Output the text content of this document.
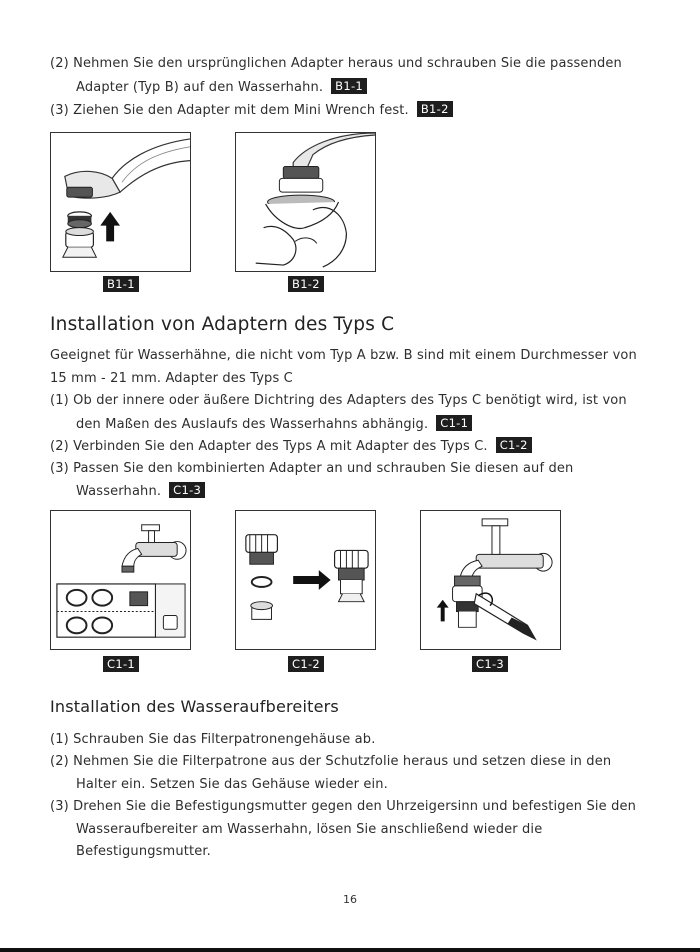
(2) Nehmen Sie den ursprünglichen Adapter heraus und schrauben Sie die passenden
Adapter (Typ B) auf den Wasserhahn. B1-1
(3) Ziehen Sie den Adapter mit dem Mini Wrench fest. B1-2
B1-1	B1-2
Installation von Adaptern des Typs C
Geeignet für Wasserhähne, die nicht vom Typ A bzw. B sind mit einem Durchmesser von
15 mm - 21 mm. Adapter des Typs C
(1) Ob der innere oder äußere Dichtring des Adapters des Typs C benötigt wird, ist von
den Maßen des Auslaufs des Wasserhahns abhängig. C1-1
(2) Verbinden Sie den Adapter des Typs A mit Adapter des Typs C. C1-2
(3) Passen Sie den kombinierten Adapter an und schrauben Sie diesen auf den
Wasserhahn. C1-3
C1-1	C1-2	C1-3
Installation des Wasseraufbereiters
(1) Schrauben Sie das Filterpatronengehäuse ab.
(2) Nehmen Sie die Filterpatrone aus der Schutzfolie heraus und setzen diese in den
Halter ein. Setzen Sie das Gehäuse wieder ein.
(3) Drehen Sie die Befestigungsmutter gegen den Uhrzeigersinn und befestigen Sie den
Wasseraufbereiter am Wasserhahn, lösen Sie anschließend wieder die
Befestigungsmutter.
16
